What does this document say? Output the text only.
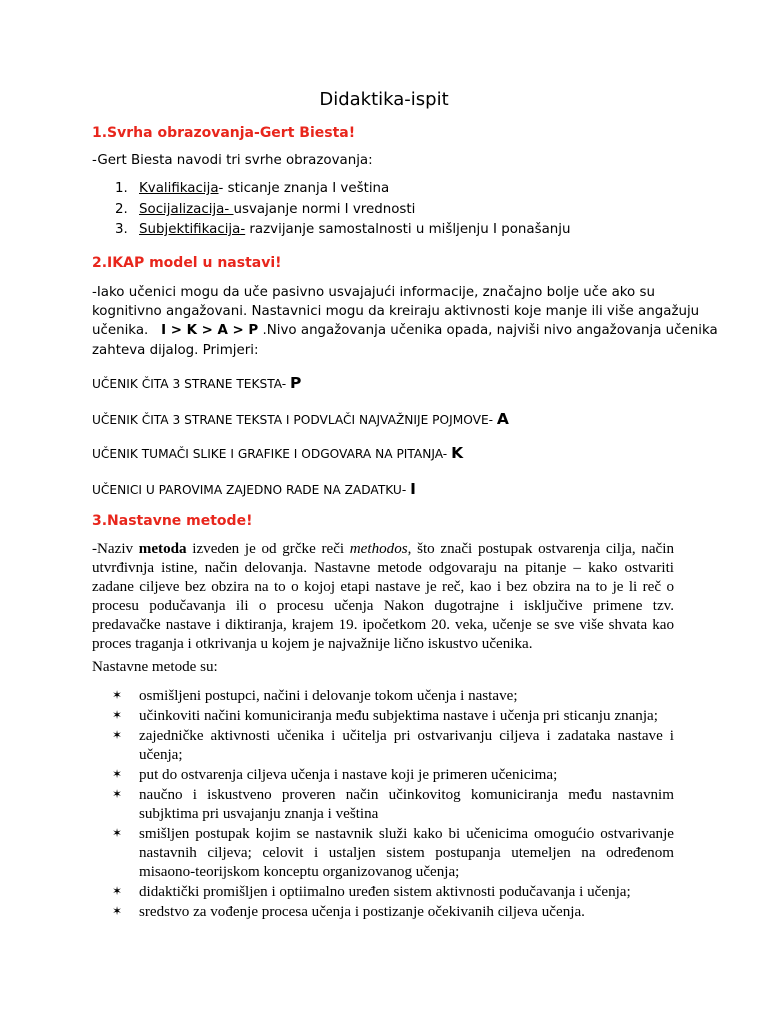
Didaktika-ispit
1.Svrha obrazovanja-Gert Biesta!
-Gert Biesta navodi tri svrhe obrazovanja:
1. Kvalifikacija- sticanje znanja I veština
2. Socijalizacija- usvajanje normi I vrednosti
3. Subjektifikacija- razvijanje samostalnosti u mišljenju I ponašanju
2.IKAP model u nastavi!
-Iako učenici mogu da uče pasivno usvajajući informacije, značajno bolje uče ako su
kognitivno angažovani. Nastavnici mogu da kreiraju aktivnosti koje manje ili više angažuju
učenika. I > K > A > P .Nivo angažovanja učenika opada, najviši nivo angažovanja učenika
zahteva dijalog. Primjeri:
UČENIK ČITA 3 STRANE TEKSTA- P
UČENIK ČITA 3 STRANE TEKSTA I PODVLAČI NAJVAŽNIJE POJMOVE- A
UČENIK TUMAČI SLIKE I GRAFIKE I ODGOVARA NA PITANJA- K
UČENICI U PAROVIMA ZAJEDNO RADE NA ZADATKU- I
3.Nastavne metode!
-Naziv metoda izveden je od grčke reči methodos, što znači postupak ostvarenja cilja, način
utvrđivnja istine, način delovanja. Nastavne metode odgovaraju na pitanje – kako ostvariti
zadane ciljeve bez obzira na to o kojoj etapi nastave je reč, kao i bez obzira na to je li reč o
procesu podučavanja ili o procesu učenja Nakon dugotrajne i isključive primene tzv.
predavačke nastave i diktiranja, krajem 19. ipočetkom 20. veka, učenje se sve više shvata kao
proces traganja i otkrivanja u kojem je najvažnije lično iskustvo učenika.
Nastavne metode su:
✶ osmišljeni postupci, načini i delovanje tokom učenja i nastave;
✶ učinkoviti načini komuniciranja među subjektima nastave i učenja pri sticanju znanja;
✶ zajedničke aktivnosti učenika i učitelja pri ostvarivanju ciljeva i zadataka nastave i
učenja;
✶ put do ostvarenja ciljeva učenja i nastave koji je primeren učenicima;
✶ naučno i iskustveno proveren način učinkovitog komuniciranja među nastavnim
subjktima pri usvajanju znanja i veština
✶ smišljen postupak kojim se nastavnik služi kako bi učenicima omogućio ostvarivanje
nastavnih ciljeva; celovit i ustaljen sistem postupanja utemeljen na određenom
misaono-teorijskom konceptu organizovanog učenja;
✶ didaktički promišljen i optiimalno uređen sistem aktivnosti podučavanja i učenja;
✶ sredstvo za vođenje procesa učenja i postizanje očekivanih ciljeva učenja.
